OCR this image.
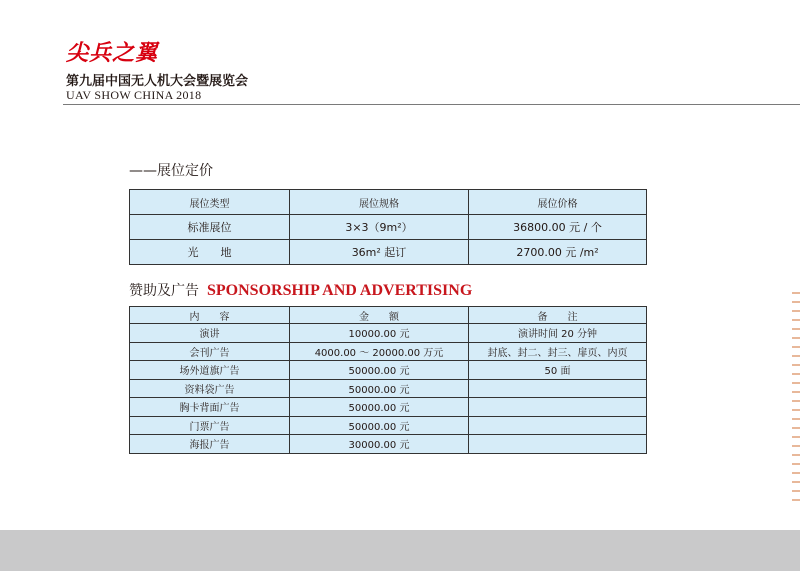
尖兵之翼
第九届中国无人机大会暨展览会
UAV SHOW CHINA 2018
——展位定价
展位类型	展位规格	展位价格
标准展位	3×3（9m²）	36800.00 元 / 个
光　　地	36m² 起订	2700.00 元 /m²
赞助及广告 SPONSORSHIP AND ADVERTISING
内　　容	金　　额	备　　注
演讲	10000.00 元	演讲时间 20 分钟
会刊广告	4000.00 ～ 20000.00 万元	封底、封二、封三、扉页、内页
场外道旗广告	50000.00 元	50 面
资料袋广告	50000.00 元	
胸卡背面广告	50000.00 元	
门票广告	50000.00 元	
海报广告	30000.00 元	
